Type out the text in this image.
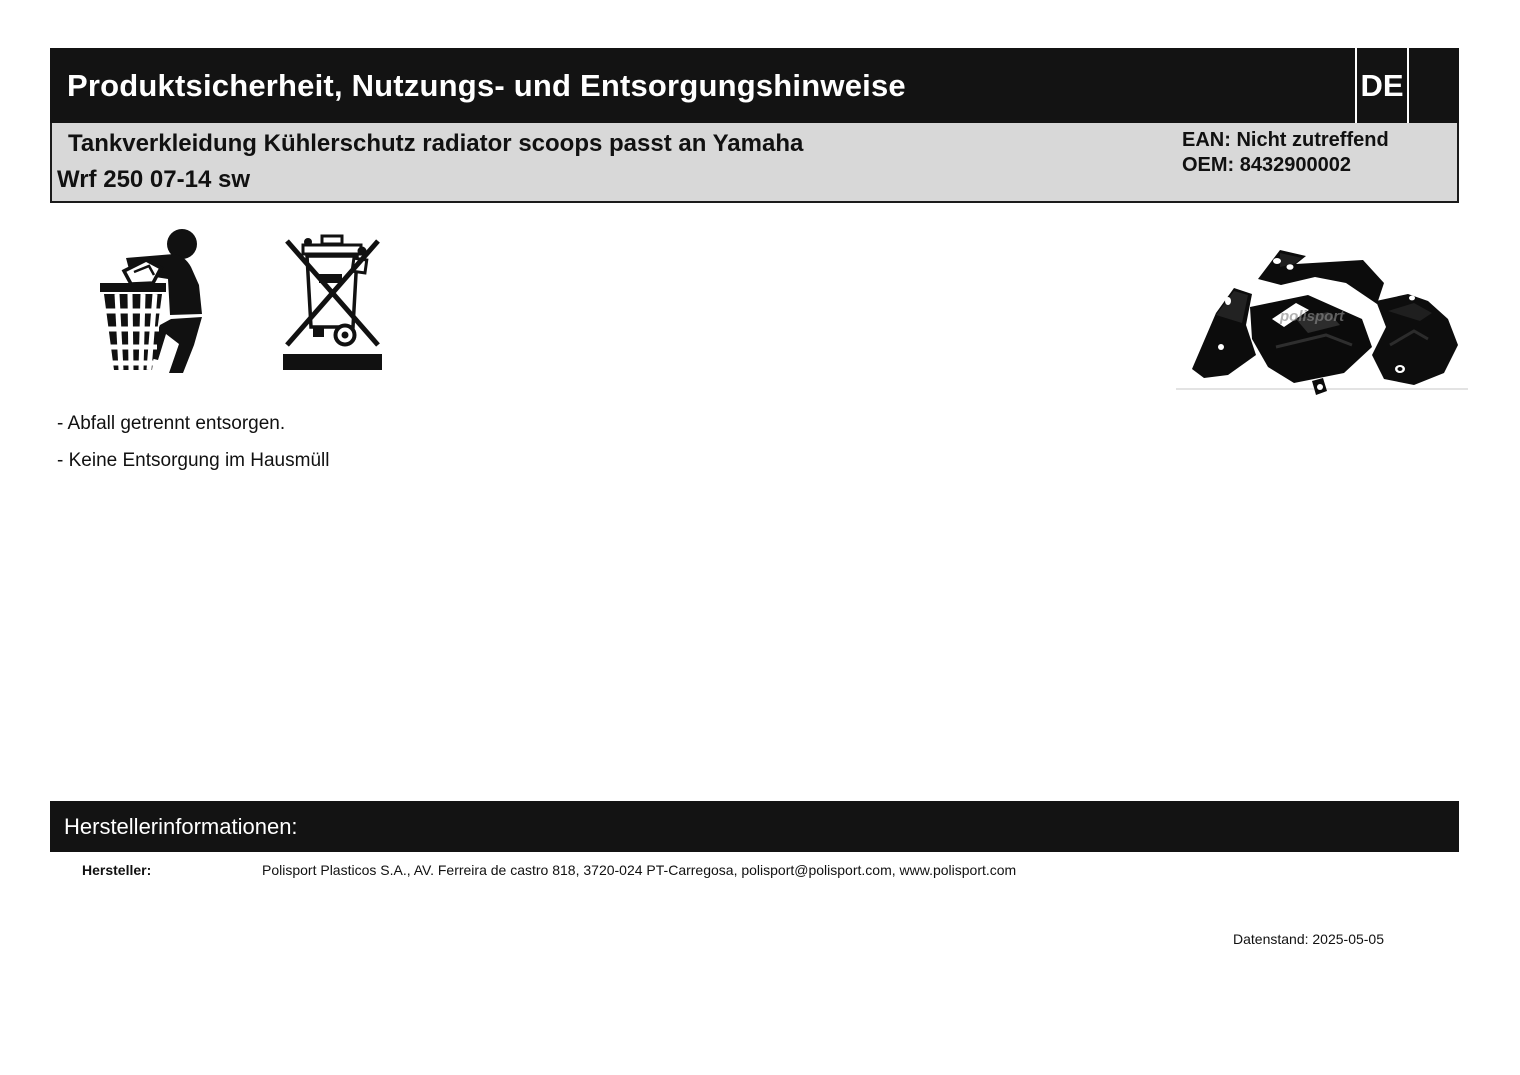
Produktsicherheit, Nutzungs- und Entsorgungshinweise	DE
Tankverkleidung Kühlerschutz radiator scoops passt an Yamaha
Wrf 250 07-14 sw
EAN: Nicht zutreffend
OEM: 8432900002
polisport
- Abfall getrennt entsorgen.
- Keine Entsorgung im Hausmüll
Herstellerinformationen:
Hersteller:	Polisport Plasticos S.A., AV. Ferreira de castro 818, 3720-024 PT-Carregosa, polisport@polisport.com, www.polisport.com
Datenstand: 2025-05-05
